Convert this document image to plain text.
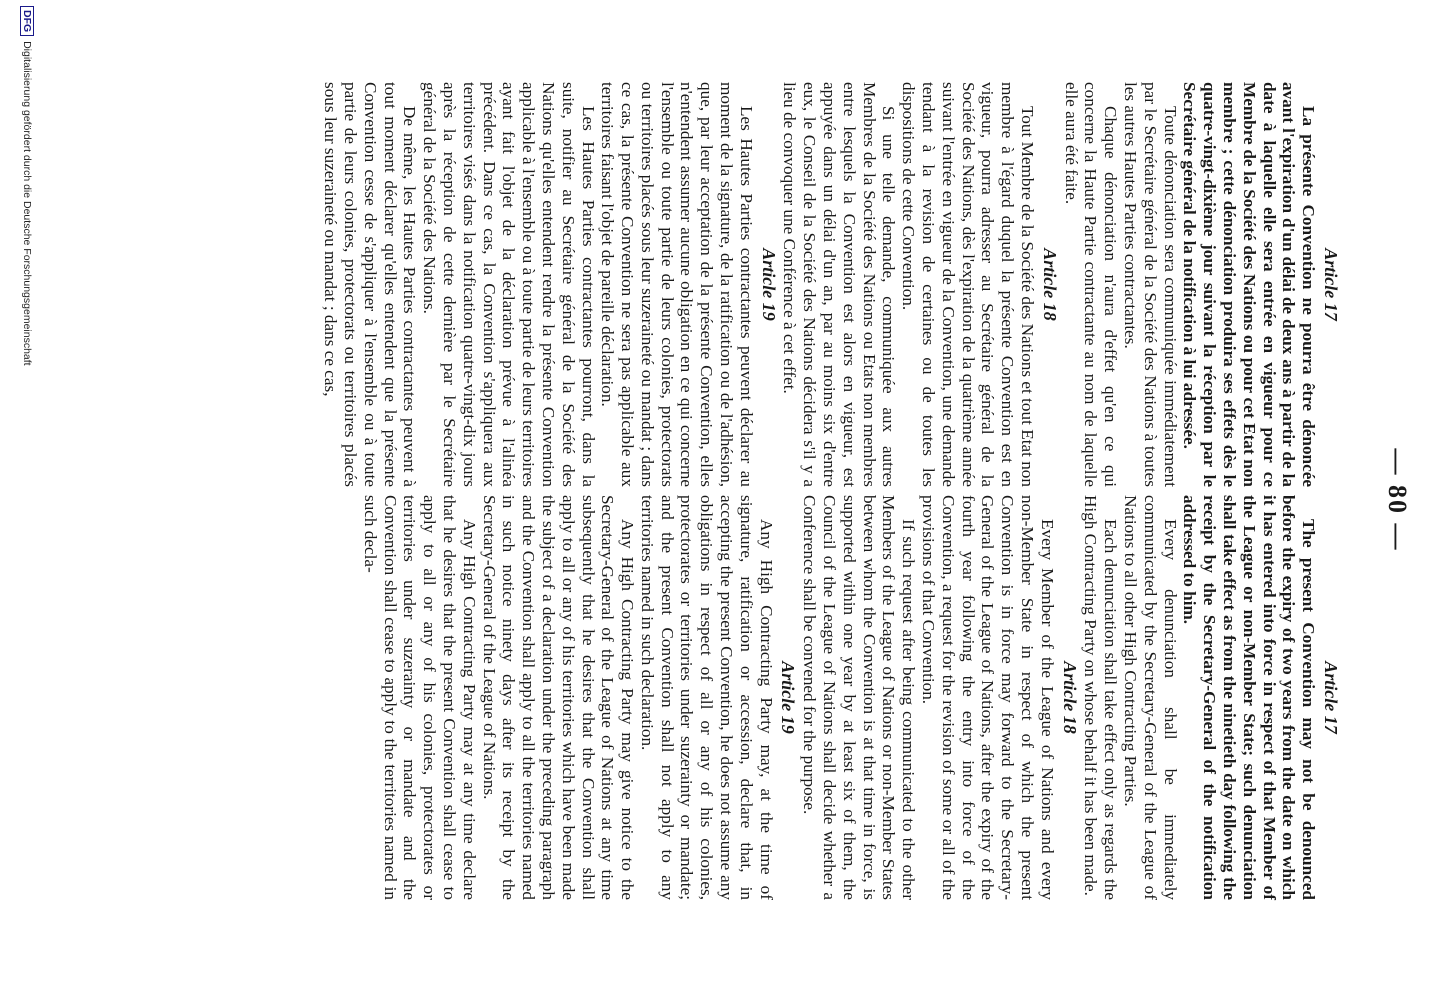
— 80 —
Article 17

La présente Convention ne pourra être dénoncée avant l'expiration d'un délai de deux ans à partir de la date à laquelle elle sera entrée en vigueur pour ce Membre de la Société des Nations ou pour cet Etat non membre ; cette dénonciation produira ses effets dès le quatre-vingt-dixième jour suivant la réception par le Secrétaire général de la notification à lui adressée.

Toute dénonciation sera communiquée immédiatement par le Secrétaire général de la Société des Nations à toutes les autres Hautes Parties contractantes.

Chaque dénonciation n'aura d'effet qu'en ce qui concerne la Haute Partie contractante au nom de laquelle elle aura été faite.

Article 18

Tout Membre de la Société des Nations et tout Etat non membre à l'égard duquel la présente Convention est en vigueur, pourra adresser au Secrétaire général de la Société des Nations, dès l'expiration de la quatrième année suivant l'entrée en vigueur de la Convention, une demande tendant à la revision de certaines ou de toutes les dispositions de cette Convention.

Si une telle demande, communiquée aux autres Membres de la Société des Nations ou Etats non membres entre lesquels la Convention est alors en vigueur, est appuyée dans un délai d'un an, par au moins six d'entre eux, le Conseil de la Société des Nations décidera s'il y a lieu de convoquer une Conférence à cet effet.

Article 19

Les Hautes Parties contractantes peuvent déclarer au moment de la signature, de la ratification ou de l'adhésion, que, par leur acceptation de la présente Convention, elles n'entendent assumer aucune obligation en ce qui concerne l'ensemble ou toute partie de leurs colonies, protectorats ou territoires placés sous leur suzeraineté ou mandat ; dans ce cas, la présente Convention ne sera pas applicable aux territoires faisant l'objet de pareille déclaration.

Les Hautes Parties contractantes pourront, dans la suite, notifier au Secrétaire général de la Société des Nations qu'elles entendent rendre la présente Convention applicable à l'ensemble ou à toute partie de leurs territoires ayant fait l'objet de la déclaration prévue à l'alinéa précédent. Dans ce cas, la Convention s'appliquera aux territoires visés dans la notification quatre-vingt-dix jours après la réception de cette dernière par le Secrétaire général de la Société des Nations.

De même, les Hautes Parties contractantes peuvent à tout moment déclarer qu'elles entendent que la présente Convention cesse de s'appliquer à l'ensemble ou à toute partie de leurs colonies, protectorats ou territoires placés sous leur suzeraineté ou mandat ; dans ce cas,

Article 17

The present Convention may not be denounced before the expiry of two years from the date on which it has entered into force in respect of that Member of the League or non-Member State; such denunciation shall take effect as from the ninetieth day following the receipt by the Secretary-General of the notification addressed to him.

Every denunciation shall be immediately communicated by the Secretary-General of the League of Nations to all other High Contracting Parties.

Each denunciation shall take effect only as regards the High Contracting Party on whose behalf it has been made.

Article 18

Every Member of the League of Nations and every non-Member State in respect of which the present Convention is in force may forward to the Secretary-General of the League of Nations, after the expiry of the fourth year following the entry into force of the Convention, a request for the revision of some or all of the provisions of that Convention.

If such request after being communicated to the other Members of the League of Nations or non-Member States between whom the Convention is at that time in force, is supported within one year by at least six of them, the Council of the League of Nations shall decide whether a Conference shall be convened for the purpose.

Article 19

Any High Contracting Party may, at the time of signature, ratification or accession, declare that, in accepting the present Convention, he does not assume any obligations in respect of all or any of his colonies, protectorates or territories under suzerainty or mandate; and the present Convention shall not apply to any territories named in such declaration.

Any High Contracting Party may give notice to the Secretary-General of the League of Nations at any time subsequently that he desires that the Convention shall apply to all or any of his territories which have been made the subject of a declaration under the preceding paragraph and the Convention shall apply to all the territories named in such notice ninety days after its receipt by the Secretary-General of the League of Nations.

Any High Contracting Party may at any time declare that he desires that the present Convention shall cease to apply to all or any of his colonies, protectorates or territories under suzerainty or mandate and the Convention shall cease to apply to the territories named in such decla-

DFG Digitalisierung gefördert durch die Deutsche Forschungsgemeinschaft
